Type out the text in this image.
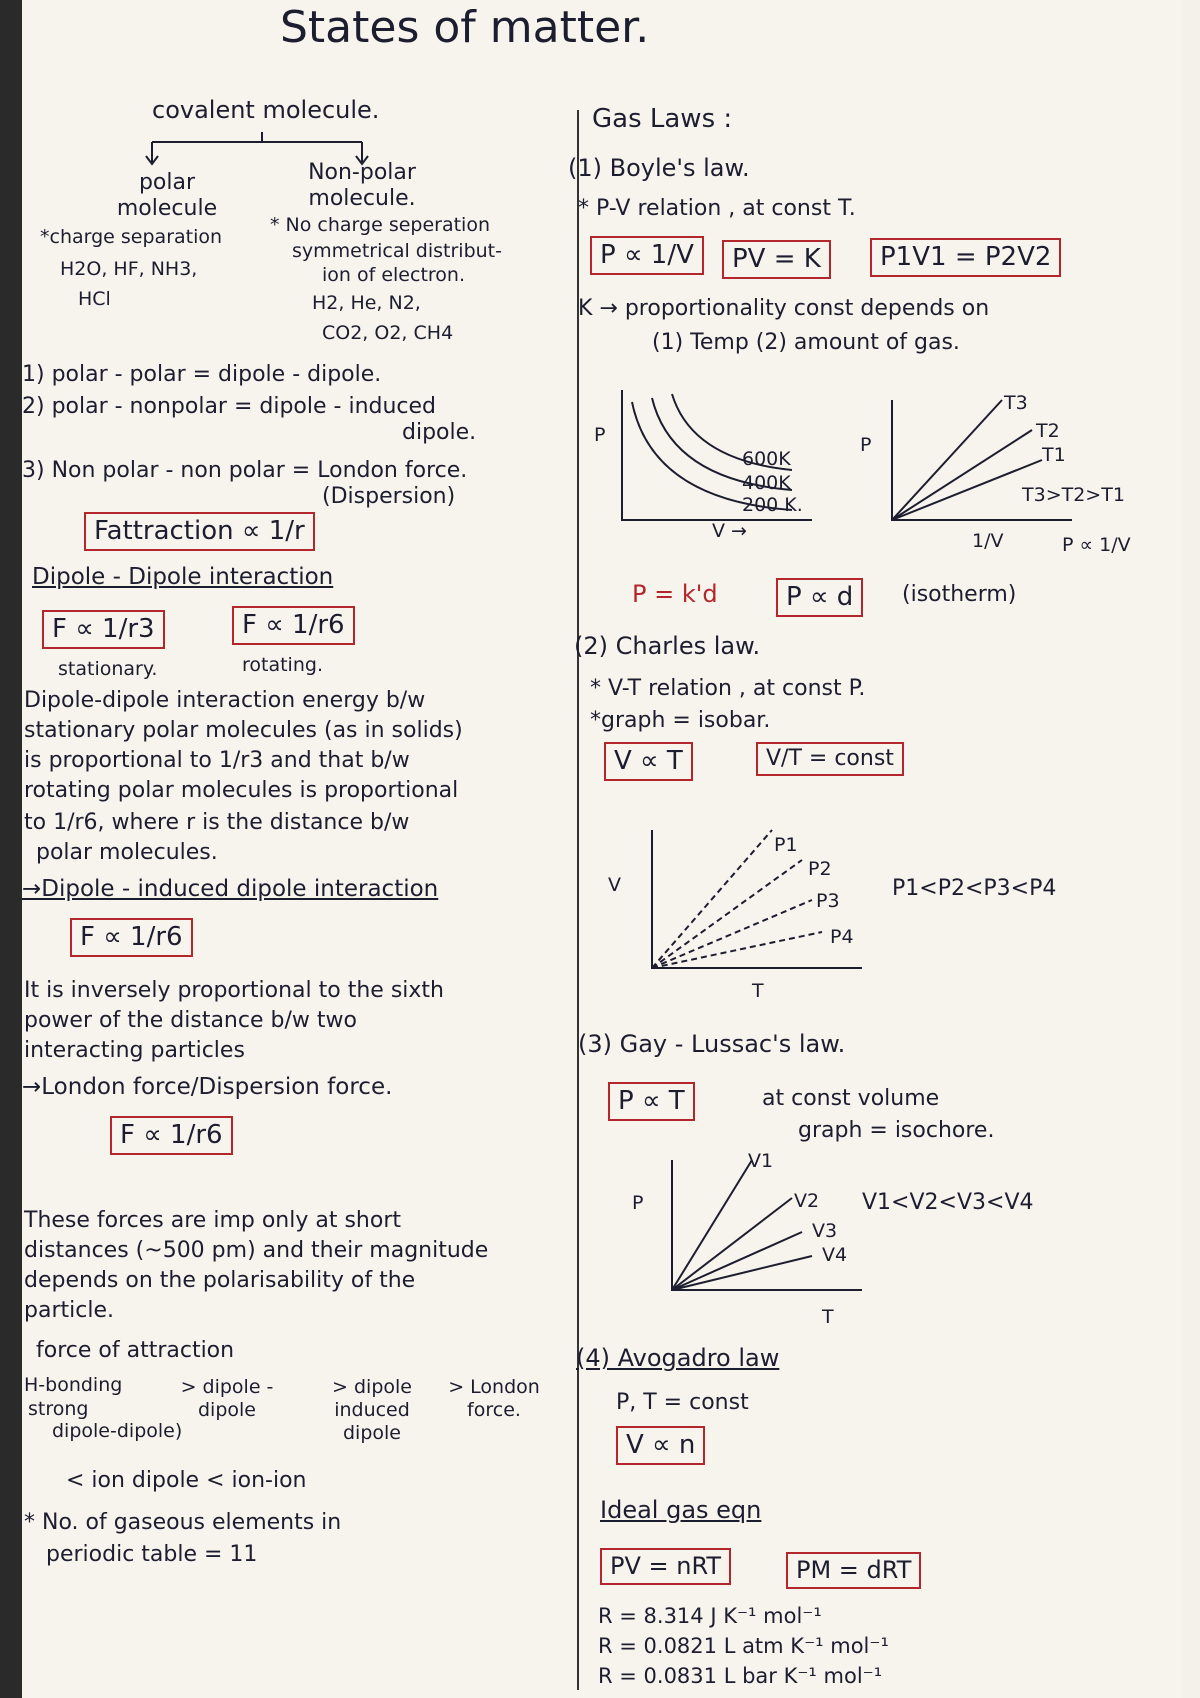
States of matter.
covalent molecule.
polar molecule
Non-polar molecule.
*charge separation
H2O, HF, NH3,
HCl
* No charge seperation
symmetrical distribut-
ion of electron.
H2, He, N2,
CO2, O2, CH4
1) polar - polar = dipole - dipole.
2) polar - nonpolar = dipole - induced
dipole.
3) Non polar - non polar = London force.
(Dispersion)
Fattraction ∝ 1/r
Dipole - Dipole interaction
F ∝ 1/r3	F ∝ 1/r6
stationary.	rotating.
Dipole-dipole interaction energy b/w
stationary polar molecules (as in solids)
is proportional to 1/r3 and that b/w
rotating polar molecules is proportional
to 1/r6, where r is the distance b/w
polar molecules.
→Dipole - induced dipole interaction
F ∝ 1/r6
It is inversely proportional to the sixth
power of the distance b/w two
interacting particles
→London force/Dispersion force.
F ∝ 1/r6
These forces are imp only at short
distances (~500 pm) and their magnitude
depends on the polarisability of the
particle.
force of attraction
H-bonding
strong
dipole-dipole)
> dipole - dipole
> dipole induced dipole
> London force.
< ion dipole < ion-ion
* No. of gaseous elements in
periodic table = 11
Gas Laws :
(1) Boyle's law.
* P-V relation , at const T.
P ∝ 1/V	PV = K	P1V1 = P2V2
K → proportionality const depends on
(1) Temp (2) amount of gas.
P
V →
600K
400K
200 K.
P
T3
T2
T1
T3>T2>T1
1/V	P ∝ 1/V
P = k'd	P ∝ d	(isotherm)
(2) Charles law.
* V-T relation , at const P.
*graph = isobar.
V ∝ T	V/T = const
V
T
P1
P2
P3
P4
P1<P2<P3<P4
(3) Gay - Lussac's law.
P ∝ T	at const volume
graph = isochore.
P
T
V1
V2
V3
V4
V1<V2<V3<V4
(4) Avogadro law
P, T = const
V ∝ n
Ideal gas eqn
PV = nRT	PM = dRT
R = 8.314 J K⁻¹ mol⁻¹
R = 0.0821 L atm K⁻¹ mol⁻¹
R = 0.0831 L bar K⁻¹ mol⁻¹
